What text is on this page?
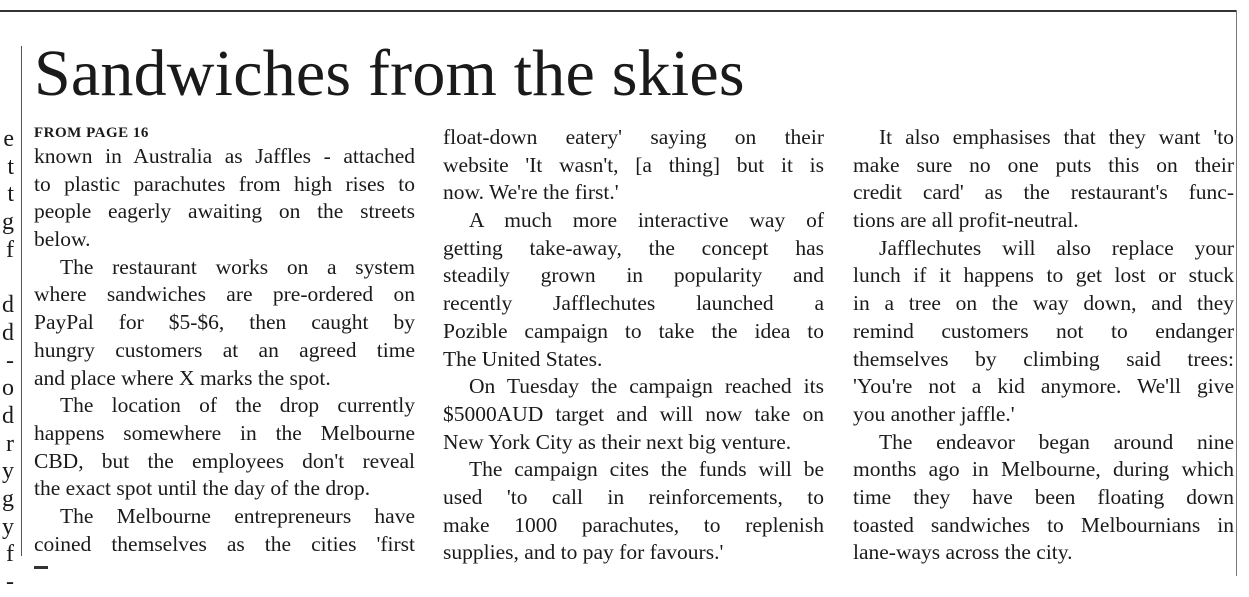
e
t
t
g
f
d
d
-
o
d
r
y
g
y
f
-
Sandwiches from the skies

FROM PAGE 16

known in Australia as Jaffles - attached
to plastic parachutes from high rises to
people eagerly awaiting on the streets
below.
The restaurant works on a system
where sandwiches are pre-ordered on
PayPal for $5-$6, then caught by
hungry customers at an agreed time
and place where X marks the spot.
The location of the drop currently
happens somewhere in the Melbourne
CBD, but the employees don't reveal
the exact spot until the day of the drop.
The Melbourne entrepreneurs have
coined themselves as the cities 'first
float-down eatery' saying on their
website 'It wasn't, [a thing] but it is
now. We're the first.'
A much more interactive way of
getting take-away, the concept has
steadily grown in popularity and
recently Jafflechutes launched a
Pozible campaign to take the idea to
The United States.
On Tuesday the campaign reached its
$5000AUD target and will now take on
New York City as their next big venture.
The campaign cites the funds will be
used 'to call in reinforcements, to
make 1000 parachutes, to replenish
supplies, and to pay for favours.'
It also emphasises that they want 'to
make sure no one puts this on their
credit card' as the restaurant's func-
tions are all profit-neutral.
Jafflechutes will also replace your
lunch if it happens to get lost or stuck
in a tree on the way down, and they
remind customers not to endanger
themselves by climbing said trees:
'You're not a kid anymore. We'll give
you another jaffle.'
The endeavor began around nine
months ago in Melbourne, during which
time they have been floating down
toasted sandwiches to Melbournians in
lane-ways across the city.
